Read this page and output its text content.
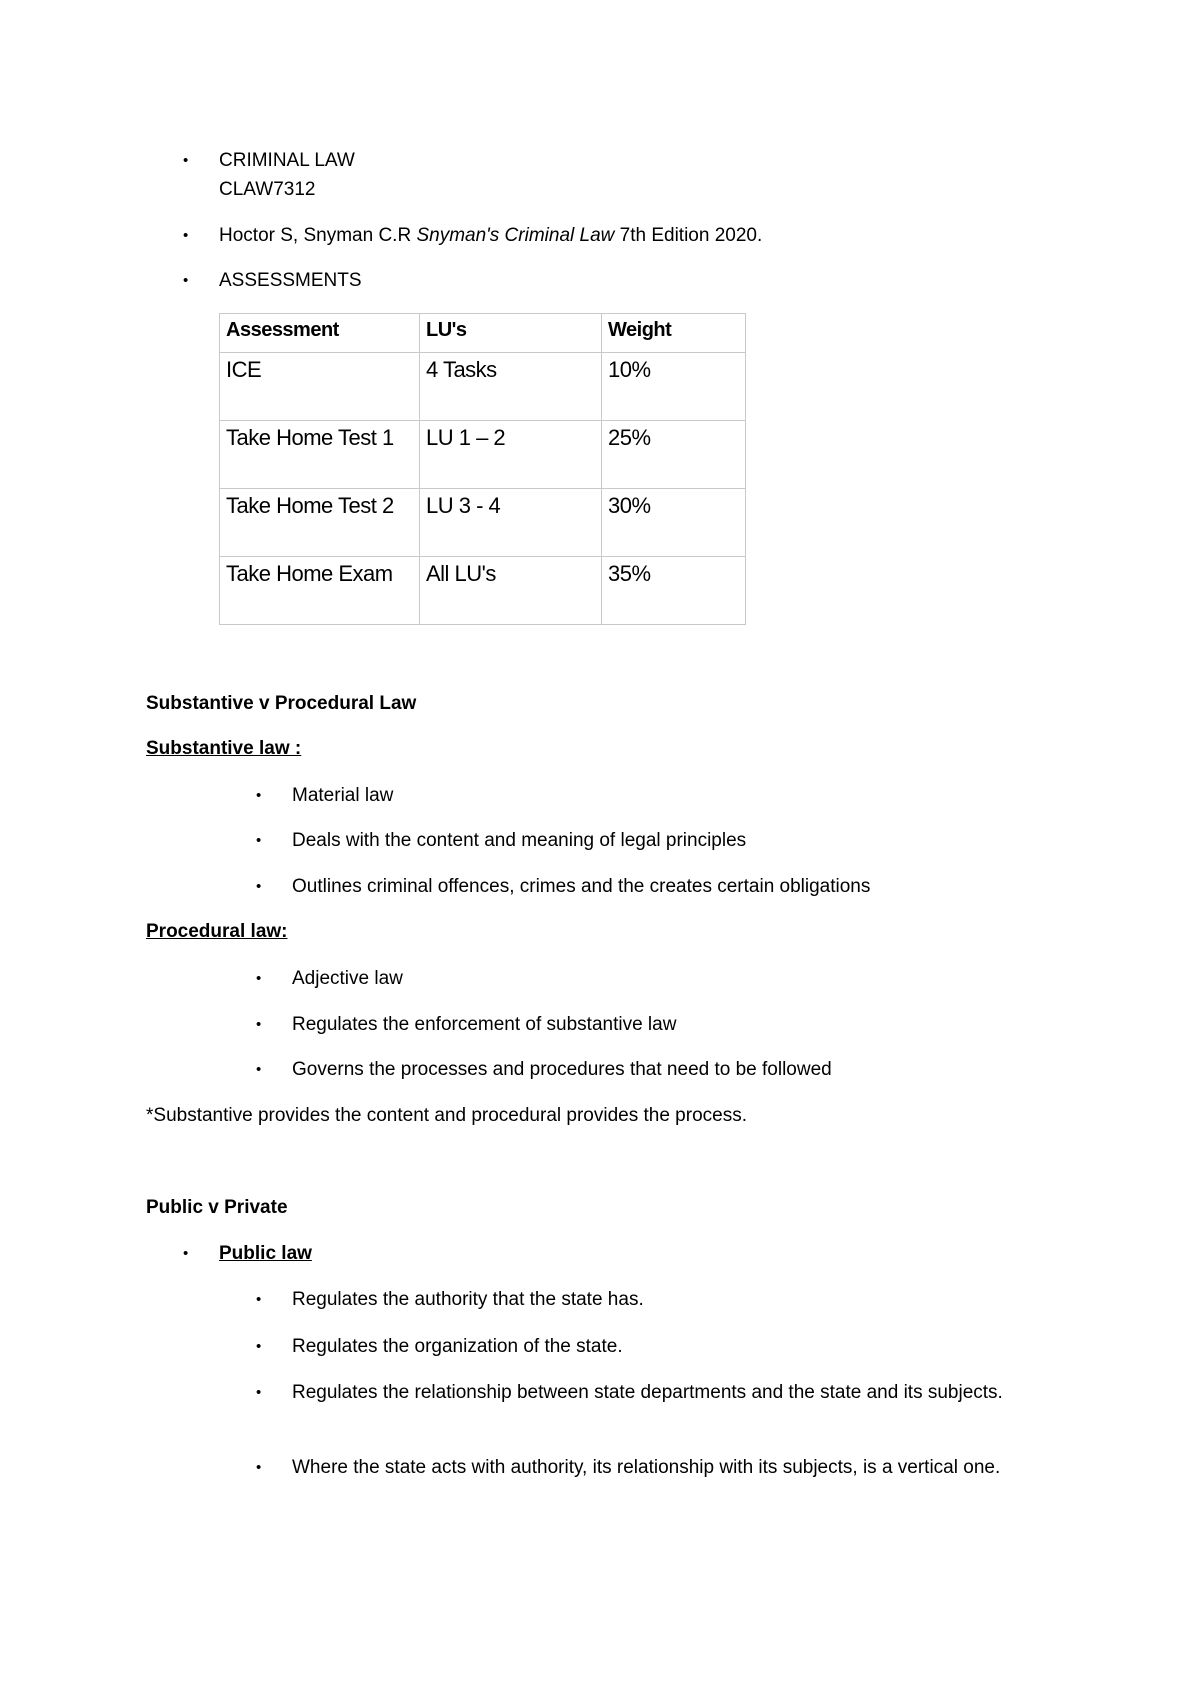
• CRIMINAL LAW
CLAW7312
• Hoctor S, Snyman C.R Snyman's Criminal Law 7th Edition 2020.
• ASSESSMENTS
Assessment	LU's	Weight
ICE	4 Tasks	10%
Take Home Test 1	LU 1 – 2	25%
Take Home Test 2	LU 3 - 4	30%
Take Home Exam	All LU's	35%
Substantive v Procedural Law
Substantive law :
• Material law
• Deals with the content and meaning of legal principles
• Outlines criminal offences, crimes and the creates certain obligations
Procedural law:
• Adjective law
• Regulates the enforcement of substantive law
• Governs the processes and procedures that need to be followed
*Substantive provides the content and procedural provides the process.
Public v Private
• Public law
• Regulates the authority that the state has.
• Regulates the organization of the state.
• Regulates the relationship between state departments and the state and its subjects.
• Where the state acts with authority, its relationship with its subjects, is a vertical one.
